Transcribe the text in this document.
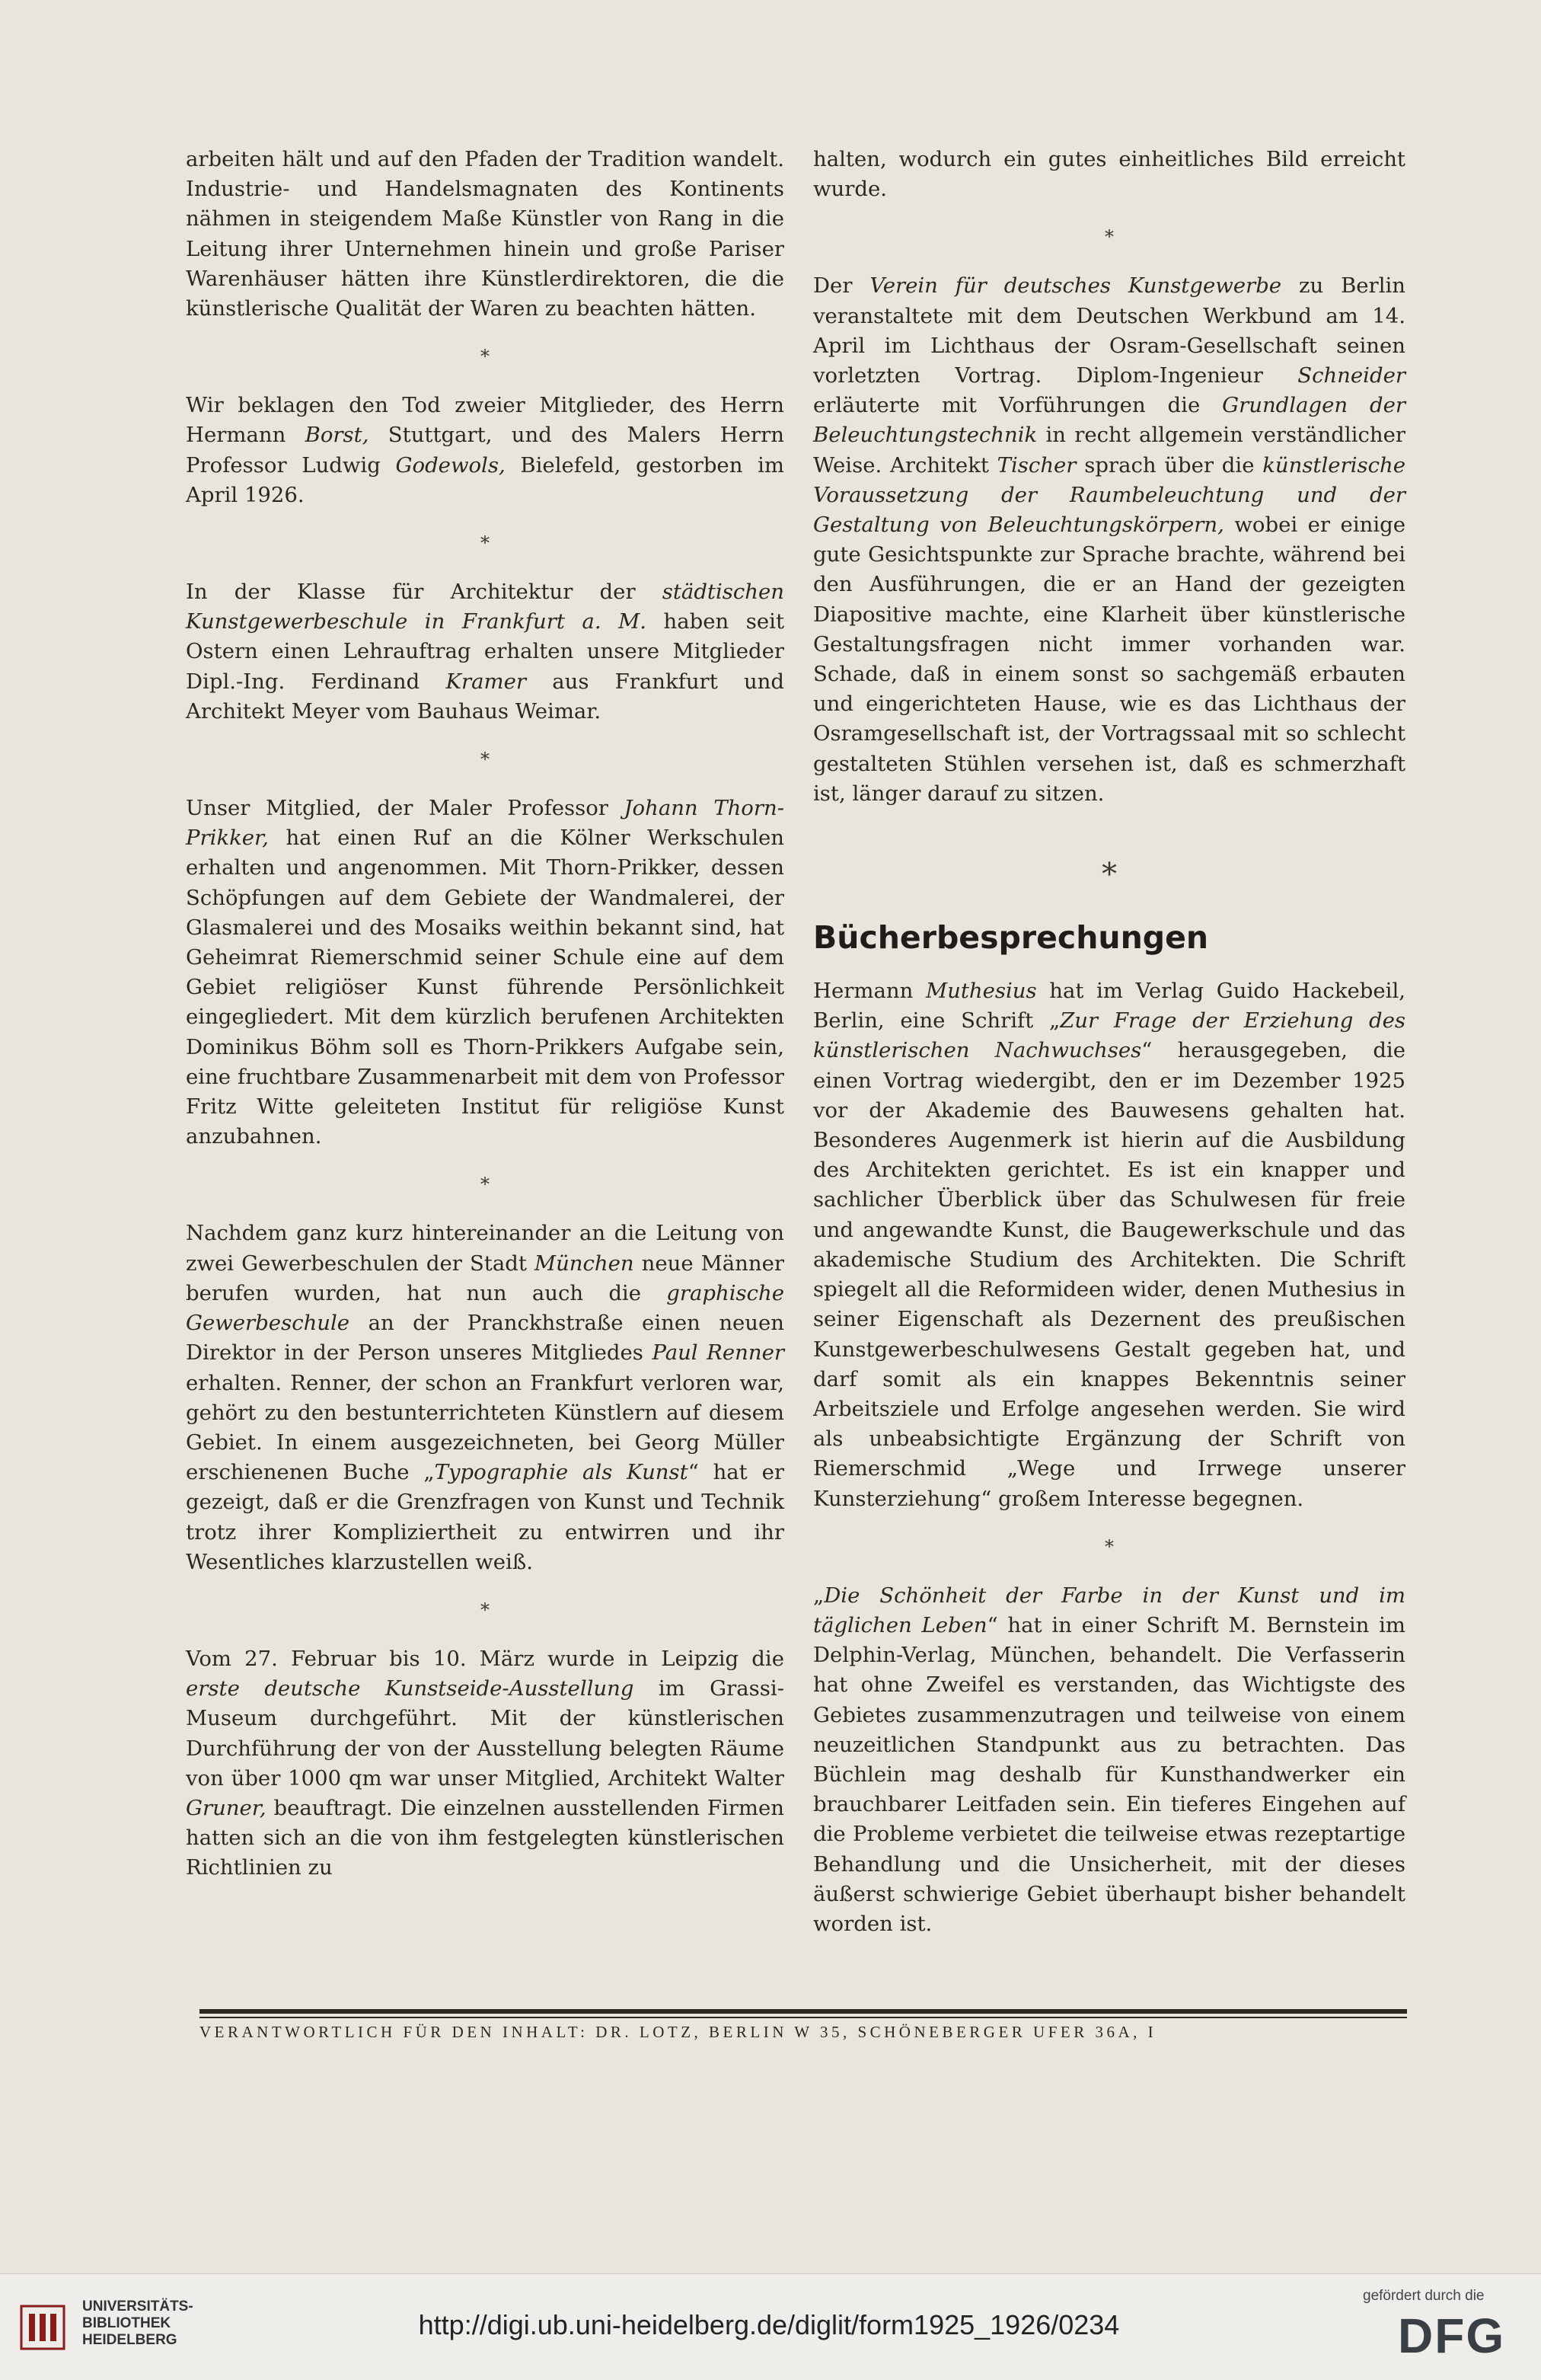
arbeiten hält und auf den Pfaden der Tradition wandelt. Industrie- und Handelsmagnaten des Kontinents nähmen in steigendem Maße Künstler von Rang in die Leitung ihrer Unternehmen hinein und große Pariser Warenhäuser hätten ihre Künstlerdirektoren, die die künstlerische Qualität der Waren zu beachten hätten.

*

Wir beklagen den Tod zweier Mitglieder, des Herrn Hermann Borst, Stuttgart, und des Malers Herrn Professor Ludwig Godewols, Bielefeld, gestorben im April 1926.

*

In der Klasse für Architektur der städtischen Kunstgewerbeschule in Frankfurt a. M. haben seit Ostern einen Lehrauftrag erhalten unsere Mitglieder Dipl.-Ing. Ferdinand Kramer aus Frankfurt und Architekt Meyer vom Bauhaus Weimar.

*

Unser Mitglied, der Maler Professor Johann Thorn-Prikker, hat einen Ruf an die Kölner Werkschulen erhalten und angenommen. Mit Thorn-Prikker, dessen Schöpfungen auf dem Gebiete der Wandmalerei, der Glasmalerei und des Mosaiks weithin bekannt sind, hat Geheimrat Riemerschmid seiner Schule eine auf dem Gebiet religiöser Kunst führende Persönlichkeit eingegliedert. Mit dem kürzlich berufenen Architekten Dominikus Böhm soll es Thorn-Prikkers Aufgabe sein, eine fruchtbare Zusammenarbeit mit dem von Professor Fritz Witte geleiteten Institut für religiöse Kunst anzubahnen.

*

Nachdem ganz kurz hintereinander an die Leitung von zwei Gewerbeschulen der Stadt München neue Männer berufen wurden, hat nun auch die graphische Gewerbeschule an der Pranckhstraße einen neuen Direktor in der Person unseres Mitgliedes Paul Renner erhalten. Renner, der schon an Frankfurt verloren war, gehört zu den bestunterrichteten Künstlern auf diesem Gebiet. In einem ausgezeichneten, bei Georg Müller erschienenen Buche „Typographie als Kunst“ hat er gezeigt, daß er die Grenzfragen von Kunst und Technik trotz ihrer Kompliziertheit zu entwirren und ihr Wesentliches klarzustellen weiß.

*

Vom 27. Februar bis 10. März wurde in Leipzig die erste deutsche Kunstseide-Ausstellung im Grassi-Museum durchgeführt. Mit der künstlerischen Durchführung der von der Ausstellung belegten Räume von über 1000 qm war unser Mitglied, Architekt Walter Gruner, beauftragt. Die einzelnen ausstellenden Firmen hatten sich an die von ihm festgelegten künstlerischen Richtlinien zu

halten, wodurch ein gutes einheitliches Bild erreicht wurde.

*

Der Verein für deutsches Kunstgewerbe zu Berlin veranstaltete mit dem Deutschen Werkbund am 14. April im Lichthaus der Osram-Gesellschaft seinen vorletzten Vortrag. Diplom-Ingenieur Schneider erläuterte mit Vorführungen die Grundlagen der Beleuchtungstechnik in recht allgemein verständlicher Weise. Architekt Tischer sprach über die künstlerische Voraussetzung der Raumbeleuchtung und der Gestaltung von Beleuchtungskörpern, wobei er einige gute Gesichtspunkte zur Sprache brachte, während bei den Ausführungen, die er an Hand der gezeigten Diapositive machte, eine Klarheit über künstlerische Gestaltungsfragen nicht immer vorhanden war. Schade, daß in einem sonst so sachgemäß erbauten und eingerichteten Hause, wie es das Lichthaus der Osramgesellschaft ist, der Vortragssaal mit so schlecht gestalteten Stühlen versehen ist, daß es schmerzhaft ist, länger darauf zu sitzen.

∗
Bücherbesprechungen

Hermann Muthesius hat im Verlag Guido Hackebeil, Berlin, eine Schrift „Zur Frage der Erziehung des künstlerischen Nachwuchses“ herausgegeben, die einen Vortrag wiedergibt, den er im Dezember 1925 vor der Akademie des Bauwesens gehalten hat. Besonderes Augenmerk ist hierin auf die Ausbildung des Architekten gerichtet. Es ist ein knapper und sachlicher Überblick über das Schulwesen für freie und angewandte Kunst, die Baugewerkschule und das akademische Studium des Architekten. Die Schrift spiegelt all die Reformideen wider, denen Muthesius in seiner Eigenschaft als Dezernent des preußischen Kunstgewerbeschulwesens Gestalt gegeben hat, und darf somit als ein knappes Bekenntnis seiner Arbeitsziele und Erfolge angesehen werden. Sie wird als unbeabsichtigte Ergänzung der Schrift von Riemerschmid „Wege und Irrwege unserer Kunsterziehung“ großem Interesse begegnen.

*

„Die Schönheit der Farbe in der Kunst und im täglichen Leben“ hat in einer Schrift M. Bernstein im Delphin-Verlag, München, behandelt. Die Verfasserin hat ohne Zweifel es verstanden, das Wichtigste des Gebietes zusammenzutragen und teilweise von einem neuzeitlichen Standpunkt aus zu betrachten. Das Büchlein mag deshalb für Kunsthandwerker ein brauchbarer Leitfaden sein. Ein tieferes Eingehen auf die Probleme verbietet die teilweise etwas rezeptartige Behandlung und die Unsicherheit, mit der dieses äußerst schwierige Gebiet überhaupt bisher behandelt worden ist.

VERANTWORTLICH FÜR DEN INHALT: DR. LOTZ, BERLIN W 35, SCHÖNEBERGER UFER 36A, I
UNIVERSITÄTS-
BIBLIOTHEK
HEIDELBERG	http://digi.ub.uni-heidelberg.de/diglit/form1925_1926/0234
gefördert durch die
DFG
